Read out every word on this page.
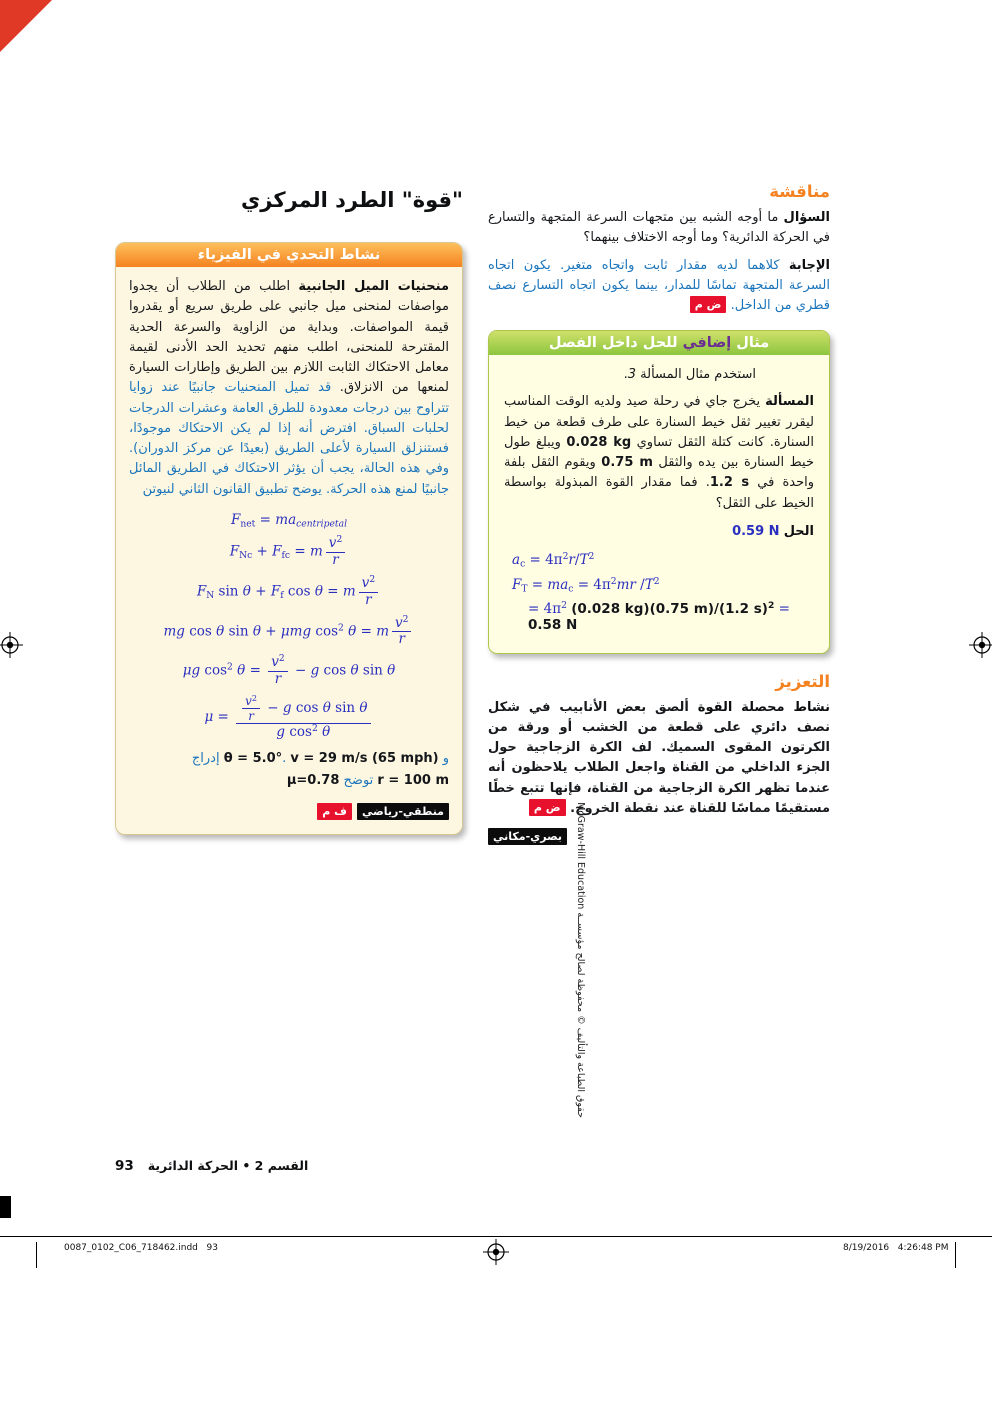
"قوة" الطرد المركزي
نشاط التحدي في الفيزياء

منحنيات الميل الجانبية اطلب من الطلاب أن يجدوا مواصفات لمنحنى ميل جانبي على طريق سريع أو يقدروا قيمة المواصفات. وبداية من الزاوية والسرعة الحدية المقترحة للمنحنى، اطلب منهم تحديد الحد الأدنى لقيمة معامل الاحتكاك الثابت اللازم بين الطريق وإطارات السيارة لمنعها من الانزلاق. قد تميل المنحنيات جانبيًا عند زوايا تتراوح بين درجات معدودة للطرق العامة وعشرات الدرجات لحلبات السباق. افترض أنه إذا لم يكن الاحتكاك موجودًا، فستنزلق السيارة لأعلى الطريق (بعيدًا عن مركز الدوران). وفي هذه الحالة، يجب أن يؤثر الاحتكاك في الطريق المائل جانبيًا لمنع هذه الحركة. يوضح تطبيق القانون الثاني لنيوتن

Fnet = macentripetal
FNc + Ffc = m $\frac{v^2}{r}$
FN sin θ + Ff cos θ = m $\frac{v^2}{r}$
mg cos θ sin θ + μmg $\cos^2 \theta = m \frac{v^2}{r}$
μg $\cos^2 \theta = \frac{v^2}{r} - g$ cos θ sin θ
$\mu = \frac{\frac{v^2}{r} - g \cos \theta \sin \theta}{g \cos^2 \theta}$

و v = 29 m/s (65 mph) .θ = 5.0° إدراج

r = 100 m توضح μ=0.78

منطقي-رياضي ف م

مناقشة

السؤال ما أوجه الشبه بين متجهات السرعة المتجهة والتسارع في الحركة الدائرية؟ وما أوجه الاختلاف بينهما؟

الإجابة كلاهما لديه مقدار ثابت واتجاه متغير. يكون اتجاه السرعة المتجهة تماسًا للمدار، بينما يكون اتجاه التسارع نصف قطري من الداخل. ض م

مثال إضافي للحل داخل الفصل

استخدم مثال المسألة 3.

المسألة يخرج جاي في رحلة صيد ولديه الوقت المناسب ليقرر تغيير ثقل خيط السنارة على طرف قطعة من خيط السنارة. كانت كتلة الثقل تساوي 0.028 kg ويبلغ طول خيط السنارة بين يده والثقل 0.75 m ويقوم الثقل بلفة واحدة في 1.2 s. فما مقدار القوة المبذولة بواسطة الخيط على الثقل؟

الحل 0.59 N

ac = $4\pi^2r/T^2$
FT = mac = $4\pi^2mr$ $/T^2$
= $4\pi^2$ (0.028 kg)(0.75 m)/(1.2 s)$^2$ = 0.58 N
التعزيز

نشاط محصلة القوة ألصق بعض الأنابيب في شكل نصف دائري على قطعة من الخشب أو ورقة من الكرتون المقوى السميك. لف الكرة الزجاجية حول الجزء الداخلي من القناة واجعل الطلاب يلاحظون أنه عندما تظهر الكرة الزجاجية من القناة، فإنها تتبع خطًا مستقيمًا مماسًا للقناة عند نقطة الخروج. ض م

بصري-مكاني

93 القسم 2 • الحركة الدائرية
حقوق الطباعة والتأليف © محفوظة لصالح مؤسســة McGraw-Hill Education
0087_0102_C06_718462.indd   93	8/19/2016   4:26:48 PM
